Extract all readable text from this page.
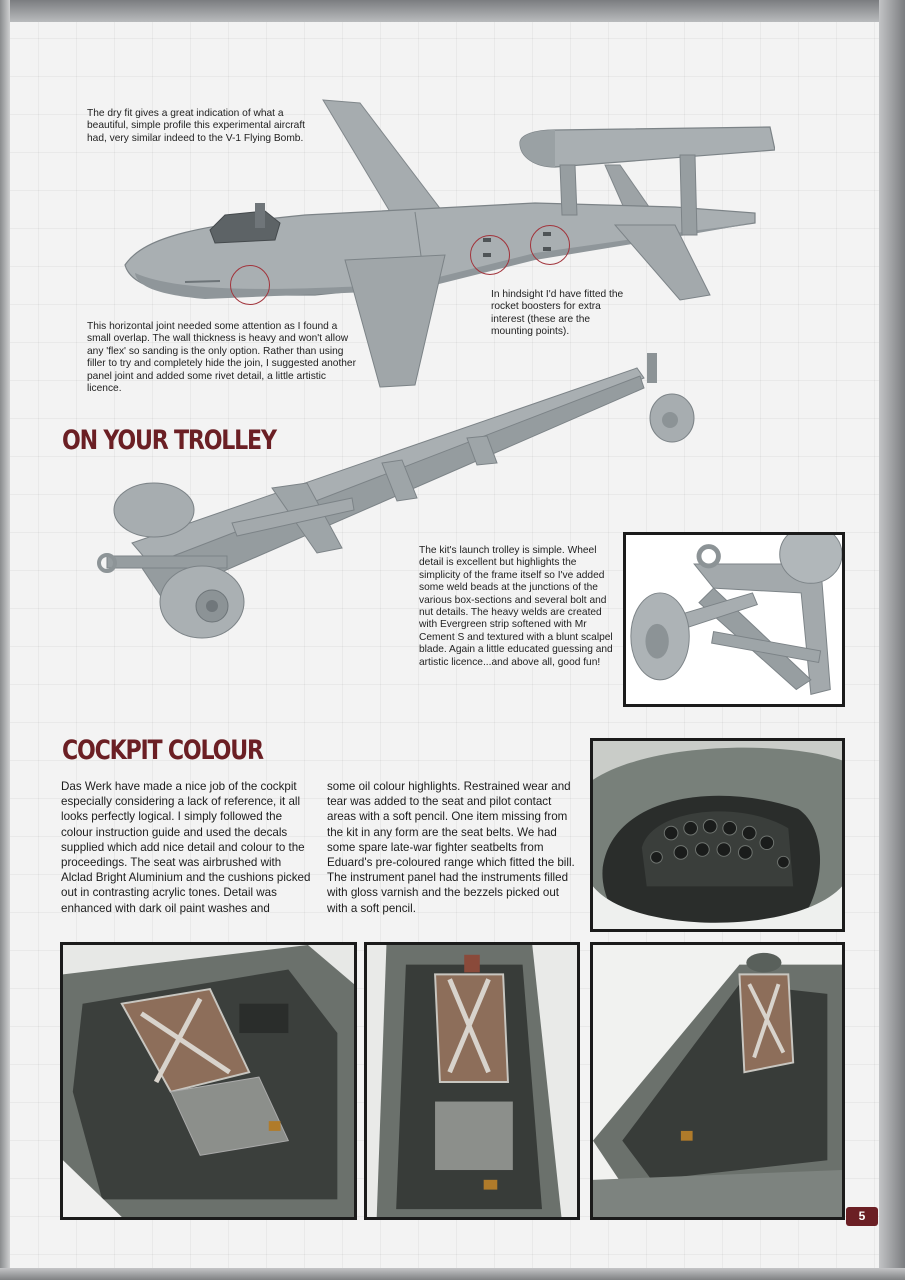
The dry fit gives a great indication of what a beautiful, simple profile this experimental aircraft had, very similar indeed to the V-1 Flying Bomb.

This horizontal joint needed some attention as I found a small overlap. The wall thickness is heavy and won't allow any 'flex' so sanding is the only option. Rather than using filler to try and completely hide the join, I suggested another panel joint and added some rivet detail, a little artistic licence.

In hindsight I'd have fitted the rocket boosters for extra interest (these are the mounting points).

ON YOUR TROLLEY

The kit's launch trolley is simple. Wheel detail is excellent but highlights the simplicity of the frame itself so I've added some weld beads at the junctions of the various box-sections and several bolt and nut details. The heavy welds are created with Evergreen strip softened with Mr Cement S and textured with a blunt scalpel blade. Again a little educated guessing and artistic licence...and above all, good fun!

COCKPIT COLOUR

Das Werk have made a nice job of the cockpit especially considering a lack of reference, it all looks perfectly logical. I simply followed the colour instruction guide and used the decals supplied which add nice detail and colour to the proceedings. The seat was airbrushed with Alclad Bright Aluminium and the cushions picked out in contrasting acrylic tones. Detail was enhanced with dark oil paint washes and

some oil colour highlights. Restrained wear and tear was added to the seat and pilot contact areas with a soft pencil. One item missing from the kit in any form are the seat belts. We had some spare late-war fighter seatbelts from Eduard's pre-coloured range which fitted the bill. The instrument panel had the instruments filled with gloss varnish and the bezzels picked out with a soft pencil.

5
